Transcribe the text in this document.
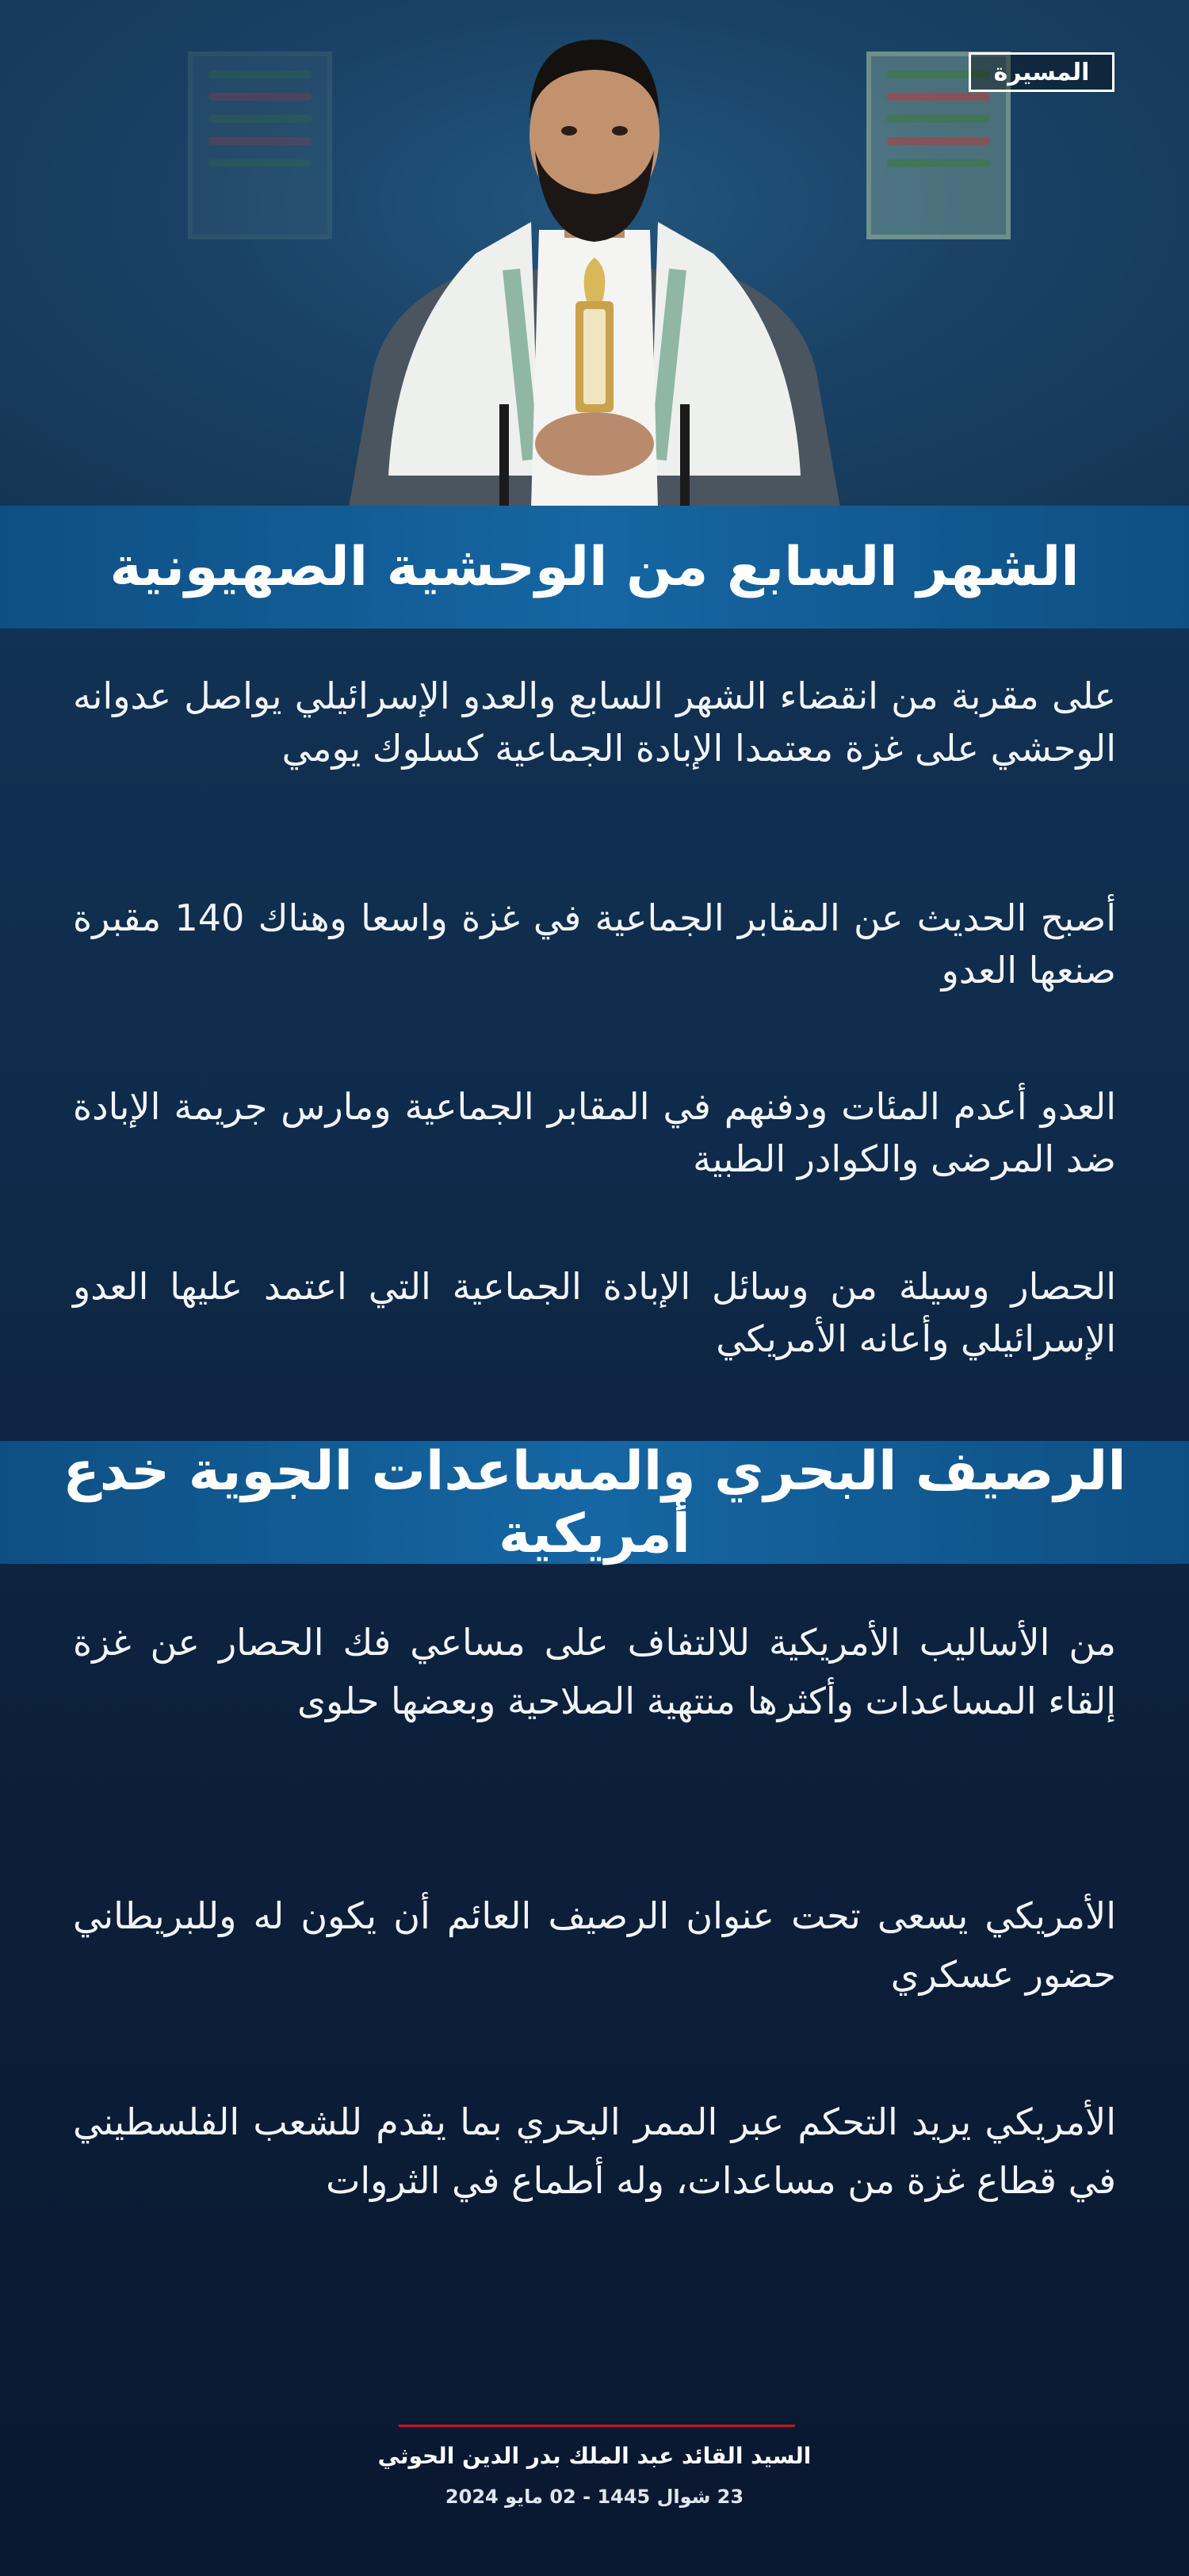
المسيرة
الشهر السابع من الوحشية الصهيونية
على مقربة من انقضاء الشهر السابع والعدو الإسرائيلي يواصل عدوانه الوحشي على غزة معتمدا الإبادة الجماعية كسلوك يومي
أصبح الحديث عن المقابر الجماعية في غزة واسعا وهناك 140 مقبرة صنعها العدو
العدو أعدم المئات ودفنهم في المقابر الجماعية ومارس جريمة الإبادة ضد المرضى والكوادر الطبية
الحصار وسيلة من وسائل الإبادة الجماعية التي اعتمد عليها العدو الإسرائيلي وأعانه الأمريكي
الرصيف البحري والمساعدات الجوية خدع أمريكية
من الأساليب الأمريكية للالتفاف على مساعي فك الحصار عن غزة إلقاء المساعدات وأكثرها منتهية الصلاحية وبعضها حلوى
الأمريكي يسعى تحت عنوان الرصيف العائم أن يكون له وللبريطاني حضور عسكري
الأمريكي يريد التحكم عبر الممر البحري بما يقدم للشعب الفلسطيني في قطاع غزة من مساعدات، وله أطماع في الثروات
السيد القائد عبد الملك بدر الدين الحوثي
23 شوال 1445 - 02 مايو 2024
